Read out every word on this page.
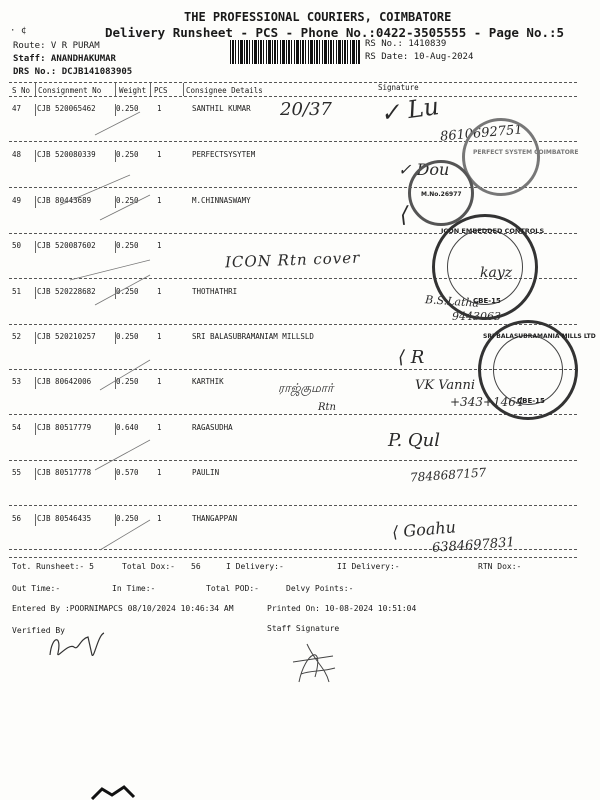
· ¢
THE PROFESSIONAL COURIERS, COIMBATORE
Delivery Runsheet - PCS - Phone No.:0422-3505555 - Page No.:5
Route: V R PURAM
Staff: ANANDHAKUMAR
DRS No.: DCJB141083905
RS No.: 1410839
RS Date: 10-Aug-2024
S No Consignment No Weight PCS Consignee Details	Signature
47 CJB 520065462	0.250 1	SANTHIL KUMAR
48 CJB 520080339	0.250 1	PERFECTSYSYTEM
49 CJB 80443689	0.250 1	M.CHINNASWAMY
50 CJB 520087602	0.250 1
51 CJB 520228682	0.250 1	THOTHATHRI
52 CJB 520210257	0.250 1	SRI BALASUBRAMANIAM MILLSLD
53 CJB 80642006	0.250 1	KARTHIK
54 CJB 80517779	0.640 1	RAGASUDHA
55 CJB 80517778	0.570 1	PAULIN
56 CJB 80546435	0.250 1	THANGAPPAN
20/37 ✓ Lu
8610692751
✓ Dou
⟨
ICON Rtn cover
kayz
B.S.Latha
9443063
⟨ R
ராஜ்குமார்
Rtn
VK Vanni
+343+1464
P. Qul
7848687157
⟨ Goahu
6384697831
PERFECT SYSTEM COIMBATORE
M.No.26977
ICON EMBEDDED CONTROLS
CBE-15
SRI BALASUBRAMANIA MILLS LTD
CBE-15
Tot. Runsheet:- 5	Total Dox:- 56	I Delivery:-	II Delivery:-	RTN Dox:-
Out Time:-	In Time:-	Total POD:-	Delvy Points:-
Entered By :POORNIMAPCS 08/10/2024 10:46:34 AM	Printed On: 10-08-2024 10:51:04
Verified By	Staff Signature
